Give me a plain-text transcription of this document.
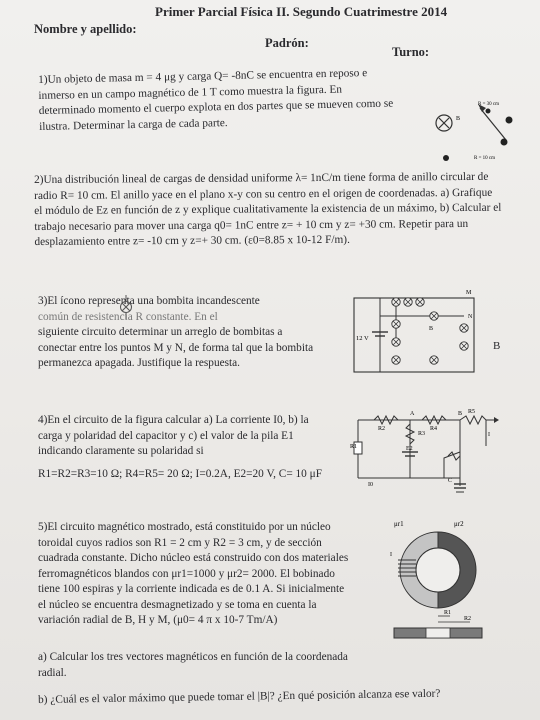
Primer Parcial Física II. Segundo Cuatrimestre 2014
Nombre y apellido:
Padrón:
Turno:
1)Un objeto de masa m = 4 μg y carga Q= -8nC se encuentra en reposo e
inmerso en un campo magnético de 1 T como muestra la figura. En
determinado momento el cuerpo explota en dos partes que se mueven como se
ilustra. Determinar la carga de cada parte.	B
R = 30 cm
R = 10 cm
2)Una distribución lineal de cargas de densidad uniforme λ= 1nC/m tiene forma de anillo circular de
radio R= 10 cm. El anillo yace en el plano x-y con su centro en el origen de coordenadas. a) Grafique
el módulo de Ez en función de z y explique cualitativamente la existencia de un máximo, b) Calcular el
trabajo necesario para mover una carga q0= 1nC entre z= + 10 cm y z= +30 cm. Repetir para un
desplazamiento entre z= -10 cm y z=+ 30 cm. (ε0=8.85 x 10-12 F/m).
3)El ícono representa una bombita incandescente
común de resistencia R constante. En el
siguiente circuito determinar un arreglo de bombitas a
conectar entre los puntos M y N, de forma tal que la bombita
permanezca apagada. Justifique la respuesta.
12 V
M
N
B
B
4)En el circuito de la figura calcular a) La corriente I0, b) la
carga y polaridad del capacitor y c) el valor de la pila E1
indicando claramente su polaridad si
R1=R2=R3=10 Ω; R4=R5= 20 Ω; I=0.2A, E2=20 V, C= 10 μF
A	B R5
R2
R3
R4
R1	E2
C
I0
I
5)El circuito magnético mostrado, está constituido por un núcleo
toroidal cuyos radios son R1 = 2 cm y R2 = 3 cm, y de sección
cuadrada constante. Dicho núcleo está construido con dos materiales
ferromagnéticos blandos con μr1=1000 y μr2= 2000. El bobinado
tiene 100 espiras y la corriente indicada es de 0.1 A. Si inicialmente
el núcleo se encuentra desmagnetizado y se toma en cuenta la
variación radial de B, H y M, (μ0= 4 π x 10-7 Tm/A)
a) Calcular los tres vectores magnéticos en función de la coordenada
radial.
b) ¿Cuál es el valor máximo que puede tomar el |B|? ¿En qué posición alcanza ese valor?
I
μr1	μr2
R1
R2
